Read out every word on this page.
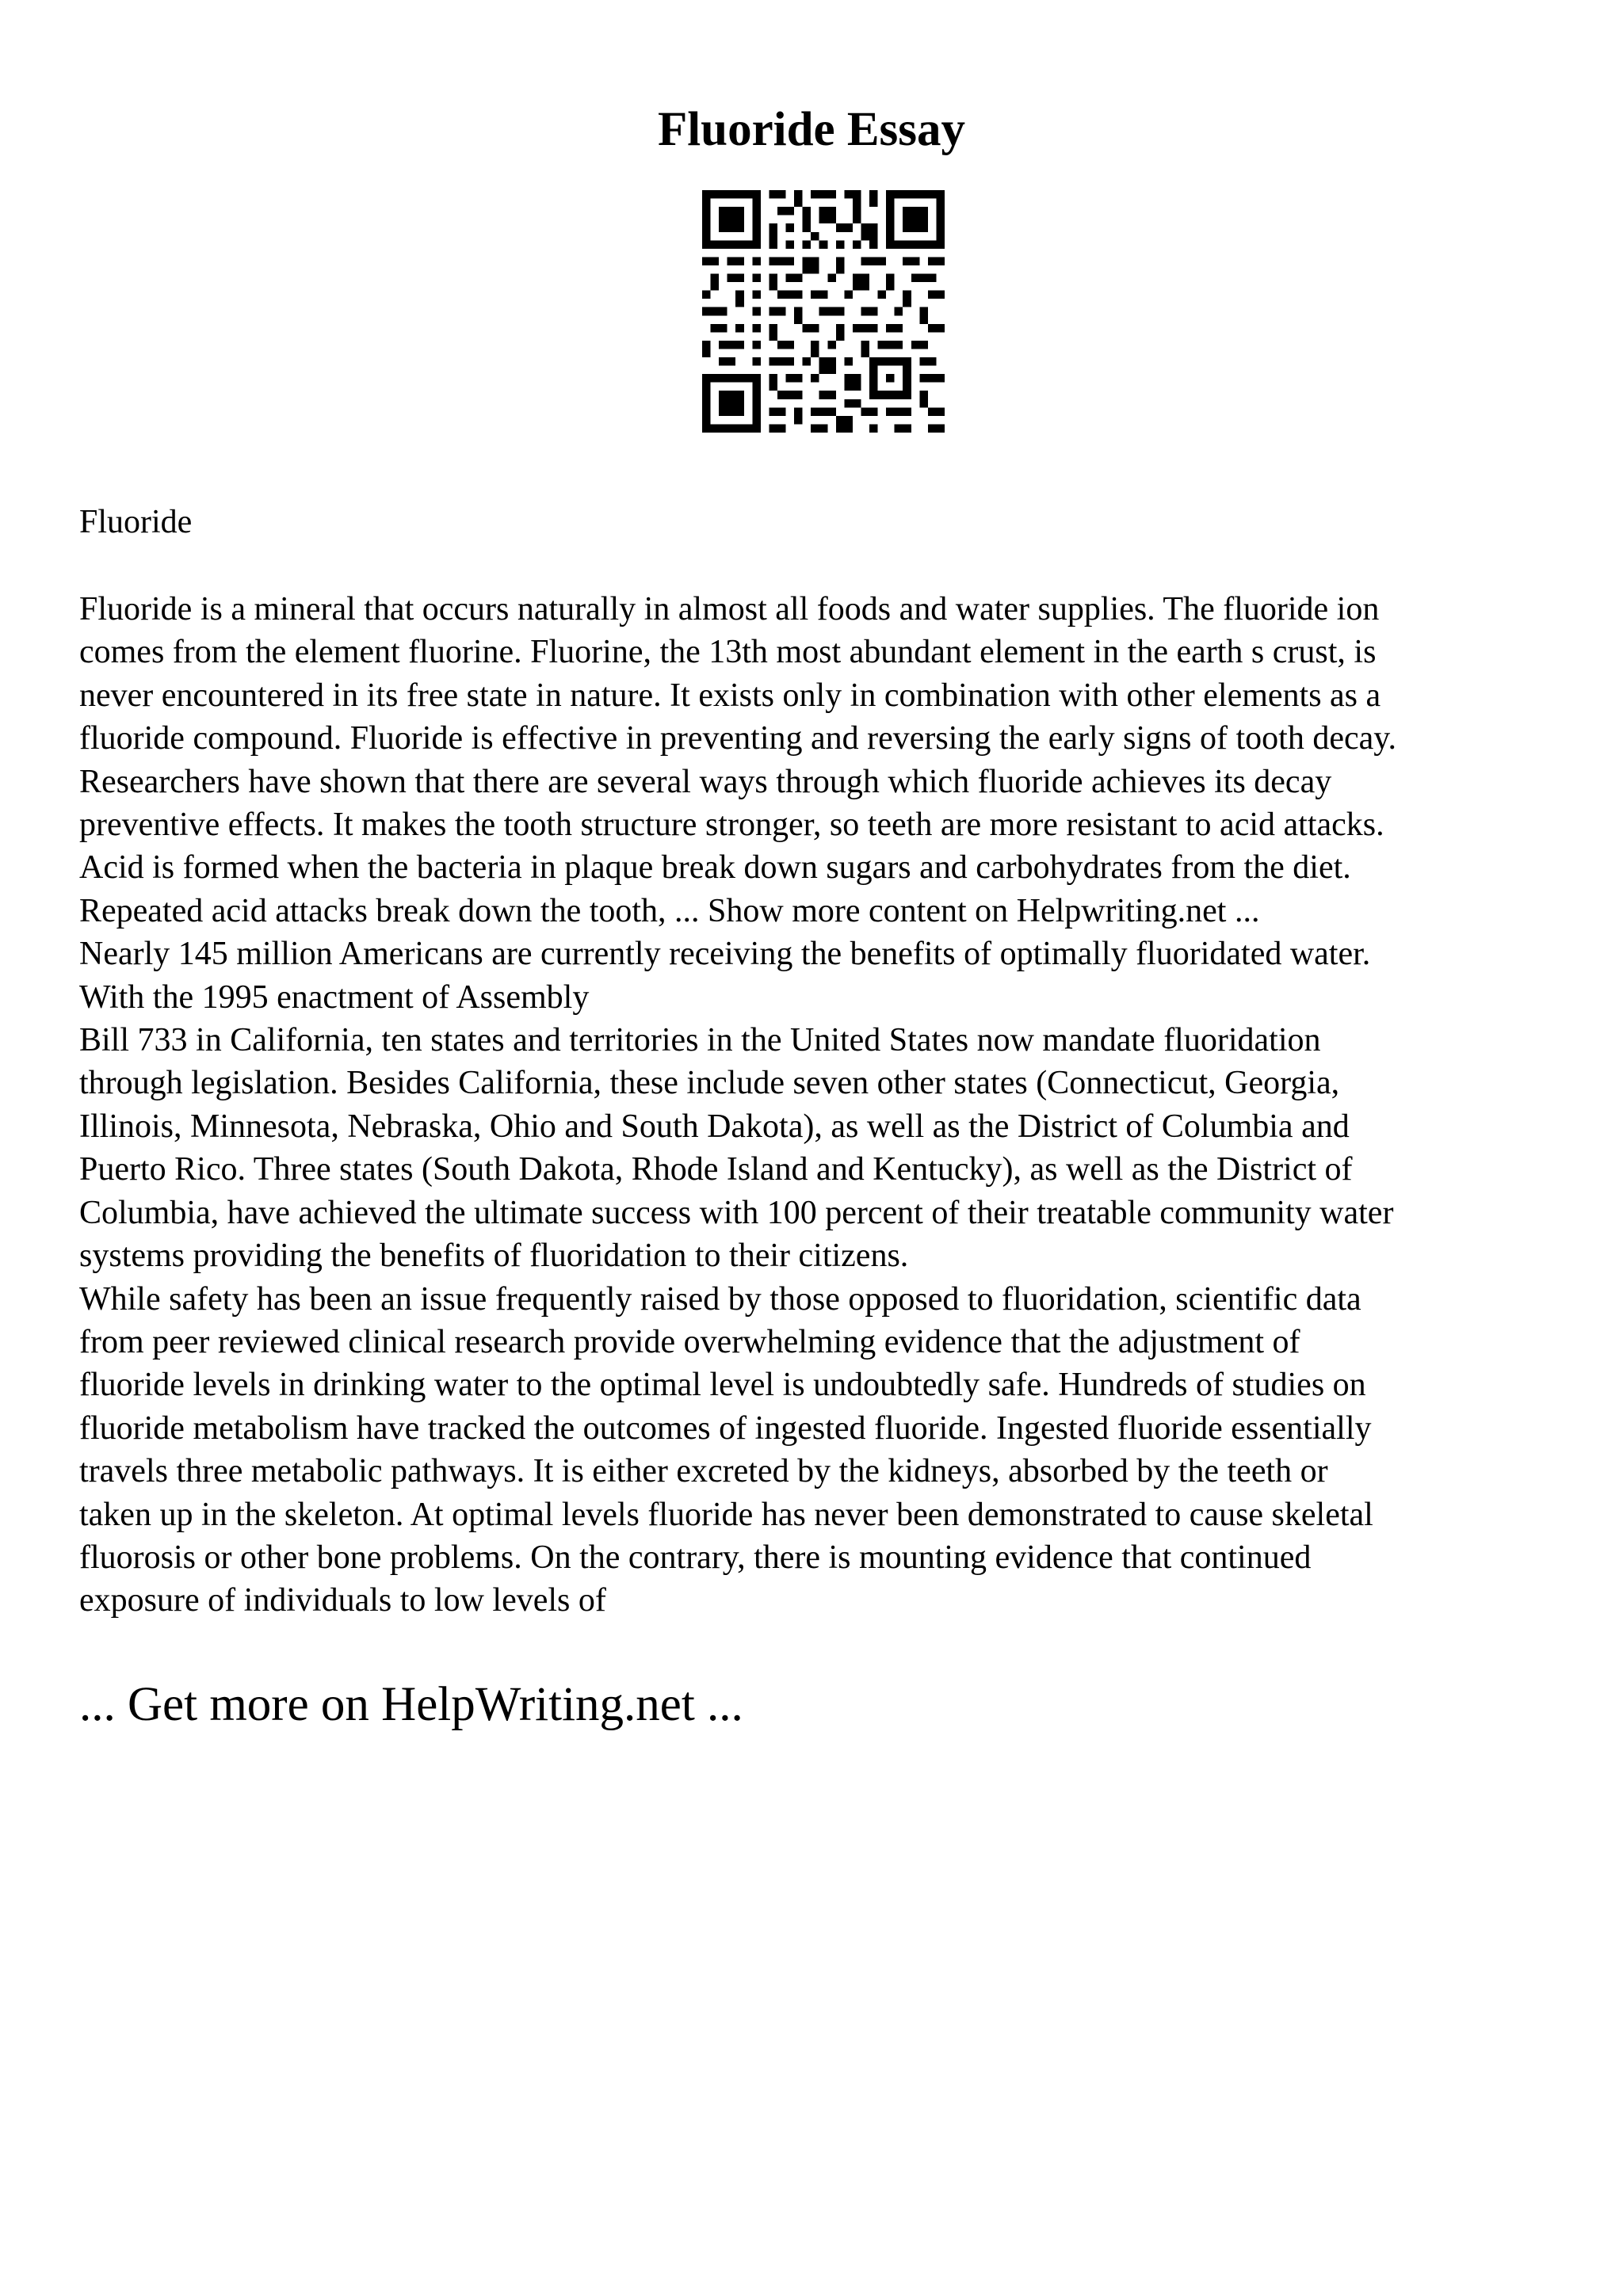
Fluoride Essay

Fluoride

Fluoride is a mineral that occurs naturally in almost all foods and water supplies. The fluoride ion
comes from the element fluorine. Fluorine, the 13th most abundant element in the earth s crust, is
never encountered in its free state in nature. It exists only in combination with other elements as a
fluoride compound. Fluoride is effective in preventing and reversing the early signs of tooth decay.
Researchers have shown that there are several ways through which fluoride achieves its decay
preventive effects. It makes the tooth structure stronger, so teeth are more resistant to acid attacks.
Acid is formed when the bacteria in plaque break down sugars and carbohydrates from the diet.
Repeated acid attacks break down the tooth, ... Show more content on Helpwriting.net ...
Nearly 145 million Americans are currently receiving the benefits of optimally fluoridated water.
With the 1995 enactment of Assembly
Bill 733 in California, ten states and territories in the United States now mandate fluoridation
through legislation. Besides California, these include seven other states (Connecticut, Georgia,
Illinois, Minnesota, Nebraska, Ohio and South Dakota), as well as the District of Columbia and
Puerto Rico. Three states (South Dakota, Rhode Island and Kentucky), as well as the District of
Columbia, have achieved the ultimate success with 100 percent of their treatable community water
systems providing the benefits of fluoridation to their citizens.
While safety has been an issue frequently raised by those opposed to fluoridation, scientific data
from peer reviewed clinical research provide overwhelming evidence that the adjustment of
fluoride levels in drinking water to the optimal level is undoubtedly safe. Hundreds of studies on
fluoride metabolism have tracked the outcomes of ingested fluoride. Ingested fluoride essentially
travels three metabolic pathways. It is either excreted by the kidneys, absorbed by the teeth or
taken up in the skeleton. At optimal levels fluoride has never been demonstrated to cause skeletal
fluorosis or other bone problems. On the contrary, there is mounting evidence that continued
exposure of individuals to low levels of

... Get more on HelpWriting.net ...
